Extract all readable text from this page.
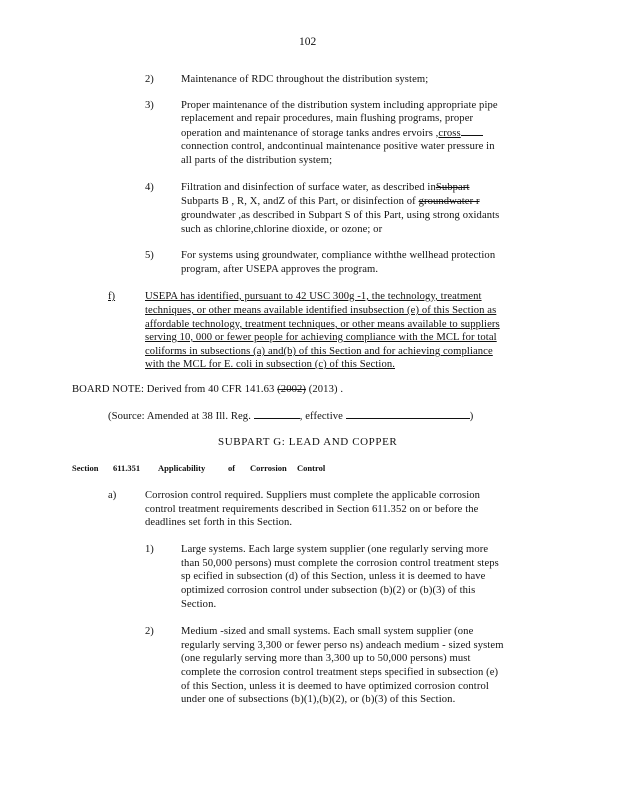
102
2)	Maintenance of RDC throughout the distribution system;
3)	Proper maintenance of the distribution system including appropriate pipe
replacement and repair procedures, main flushing programs, proper
operation and maintenance of storage tanks andres ervoirs ,cross
connection control, andcontinual maintenance positive water pressure in
all parts of the distribution system;
4)	Filtration and disinfection of surface water, as described inSubpart
Subparts B , R, X, andZ of this Part, or disinfection of groundwater r
groundwater ,as described in Subpart S of this Part, using strong oxidants
such as chlorine,chlorine dioxide, or ozone; or
5)	For systems using groundwater, compliance withthe wellhead protection
program, after USEPA approves the program.
f)	USEPA has identified, pursuant to 42 USC 300g -1, the technology, treatment
techniques, or other means available identified insubsection (e) of this Section as
affordable technology, treatment techniques, or other means available to suppliers
serving 10, 000 or fewer people for achieving compliance with the MCL for total
coliforms in subsections (a) and(b) of this Section and for achieving compliance
with the MCL for E. coli in subsection (c) of this Section.
BOARD NOTE: Derived from 40 CFR 141.63 (2002) (2013) .
(Source: Amended at 38 Ill. Reg.	, effective	)
SUBPART G: LEAD AND COPPER
Section 611.351 Applicability	of Corrosion Control
a)	Corrosion control required. Suppliers must complete the applicable corrosion
control treatment requirements described in Section 611.352 on or before the
deadlines set forth in this Section.
1)	Large systems. Each large system supplier (one regularly serving more
than 50,000 persons) must complete the corrosion control treatment steps
sp ecified in subsection (d) of this Section, unless it is deemed to have
optimized corrosion control under subsection (b)(2) or (b)(3) of this
Section.
2)	Medium -sized and small systems. Each small system supplier (one
regularly serving 3,300 or fewer perso ns) andeach medium - sized system
(one regularly serving more than 3,300 up to 50,000 persons) must
complete the corrosion control treatment steps specified in subsection (e)
of this Section, unless it is deemed to have optimized corrosion control
under one of subsections (b)(1),(b)(2), or (b)(3) of this Section.
